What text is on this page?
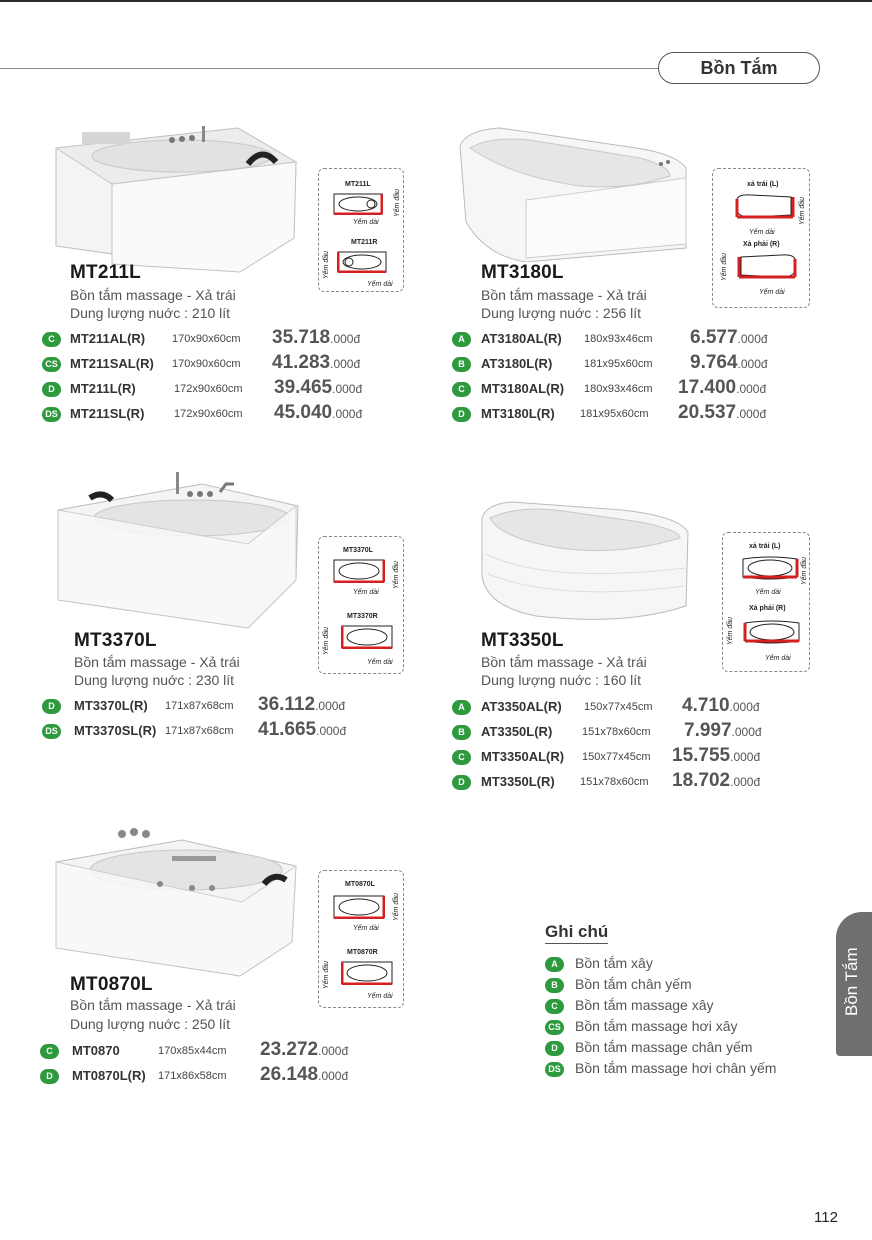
Bồn Tắm
MT211L
Yếm dài
Yếm đầu
MT211R
Yếm dài
Yếm đầu
MT211L
Bồn tắm massage - Xả trái
Dung lượng nuớc : 210 lít
C	MT211AL(R) 170x90x60cm 35.718.000đ
CS MT211SAL(R) 170x90x60cm 41.283.000đ
D	MT211L(R)	172x90x60cm 39.465.000đ
DS MT211SL(R)	172x90x60cm 45.040.000đ
xả trái (L)
Yếm dài
Yếm đầu
Xả phải (R)
Yếm dài
Yếm đầu
MT3180L
Bồn tắm massage - Xả trái
Dung lượng nuớc : 256 lít
A	AT3180AL(R) 180x93x46cm 6.577.000đ
B	AT3180L(R)	181x95x60cm 9.764.000đ
C	MT3180AL(R) 180x93x46cm 17.400.000đ
D	MT3180L(R) 181x95x60cm 20.537.000đ
MT3370L
Yếm dài
Yếm đầu
MT3370R
Yếm dài
Yếm đầu
MT3370L
Bồn tắm massage - Xả trái
Dung lượng nuớc : 230 lít
D	MT3370L(R) 171x87x68cm 36.112.000đ
DS MT3370SL(R) 171x87x68cm 41.665.000đ
xả trái (L)
Yếm dài
Yếm đầu
Xả phải (R)
Yếm dài
Yếm đầu
MT3350L
Bồn tắm massage - Xả trái
Dung lượng nuớc : 160 lít
A	AT3350AL(R) 150x77x45cm 4.710.000đ
B	AT3350L(R)	151x78x60cm 7.997.000đ
C	MT3350AL(R) 150x77x45cm 15.755.000đ
D	MT3350L(R) 151x78x60cm 18.702.000đ
MT0870L
Yếm dài
Yếm đầu
MT0870R
Yếm dài
Yếm đầu
MT0870L
Bồn tắm massage - Xả trái
Dung lượng nuớc : 250 lít
C	MT0870	170x85x44cm 23.272.000đ
D	MT0870L(R) 171x86x58cm 26.148.000đ
Ghi chú
A	Bồn tắm xây
B	Bồn tắm chân yếm
C	Bồn tắm massage xây
CS Bồn tắm massage hơi xây
D	Bồn tắm massage chân yếm
DS Bồn tắm massage hơi chân yếm
Bồn Tắm
112
